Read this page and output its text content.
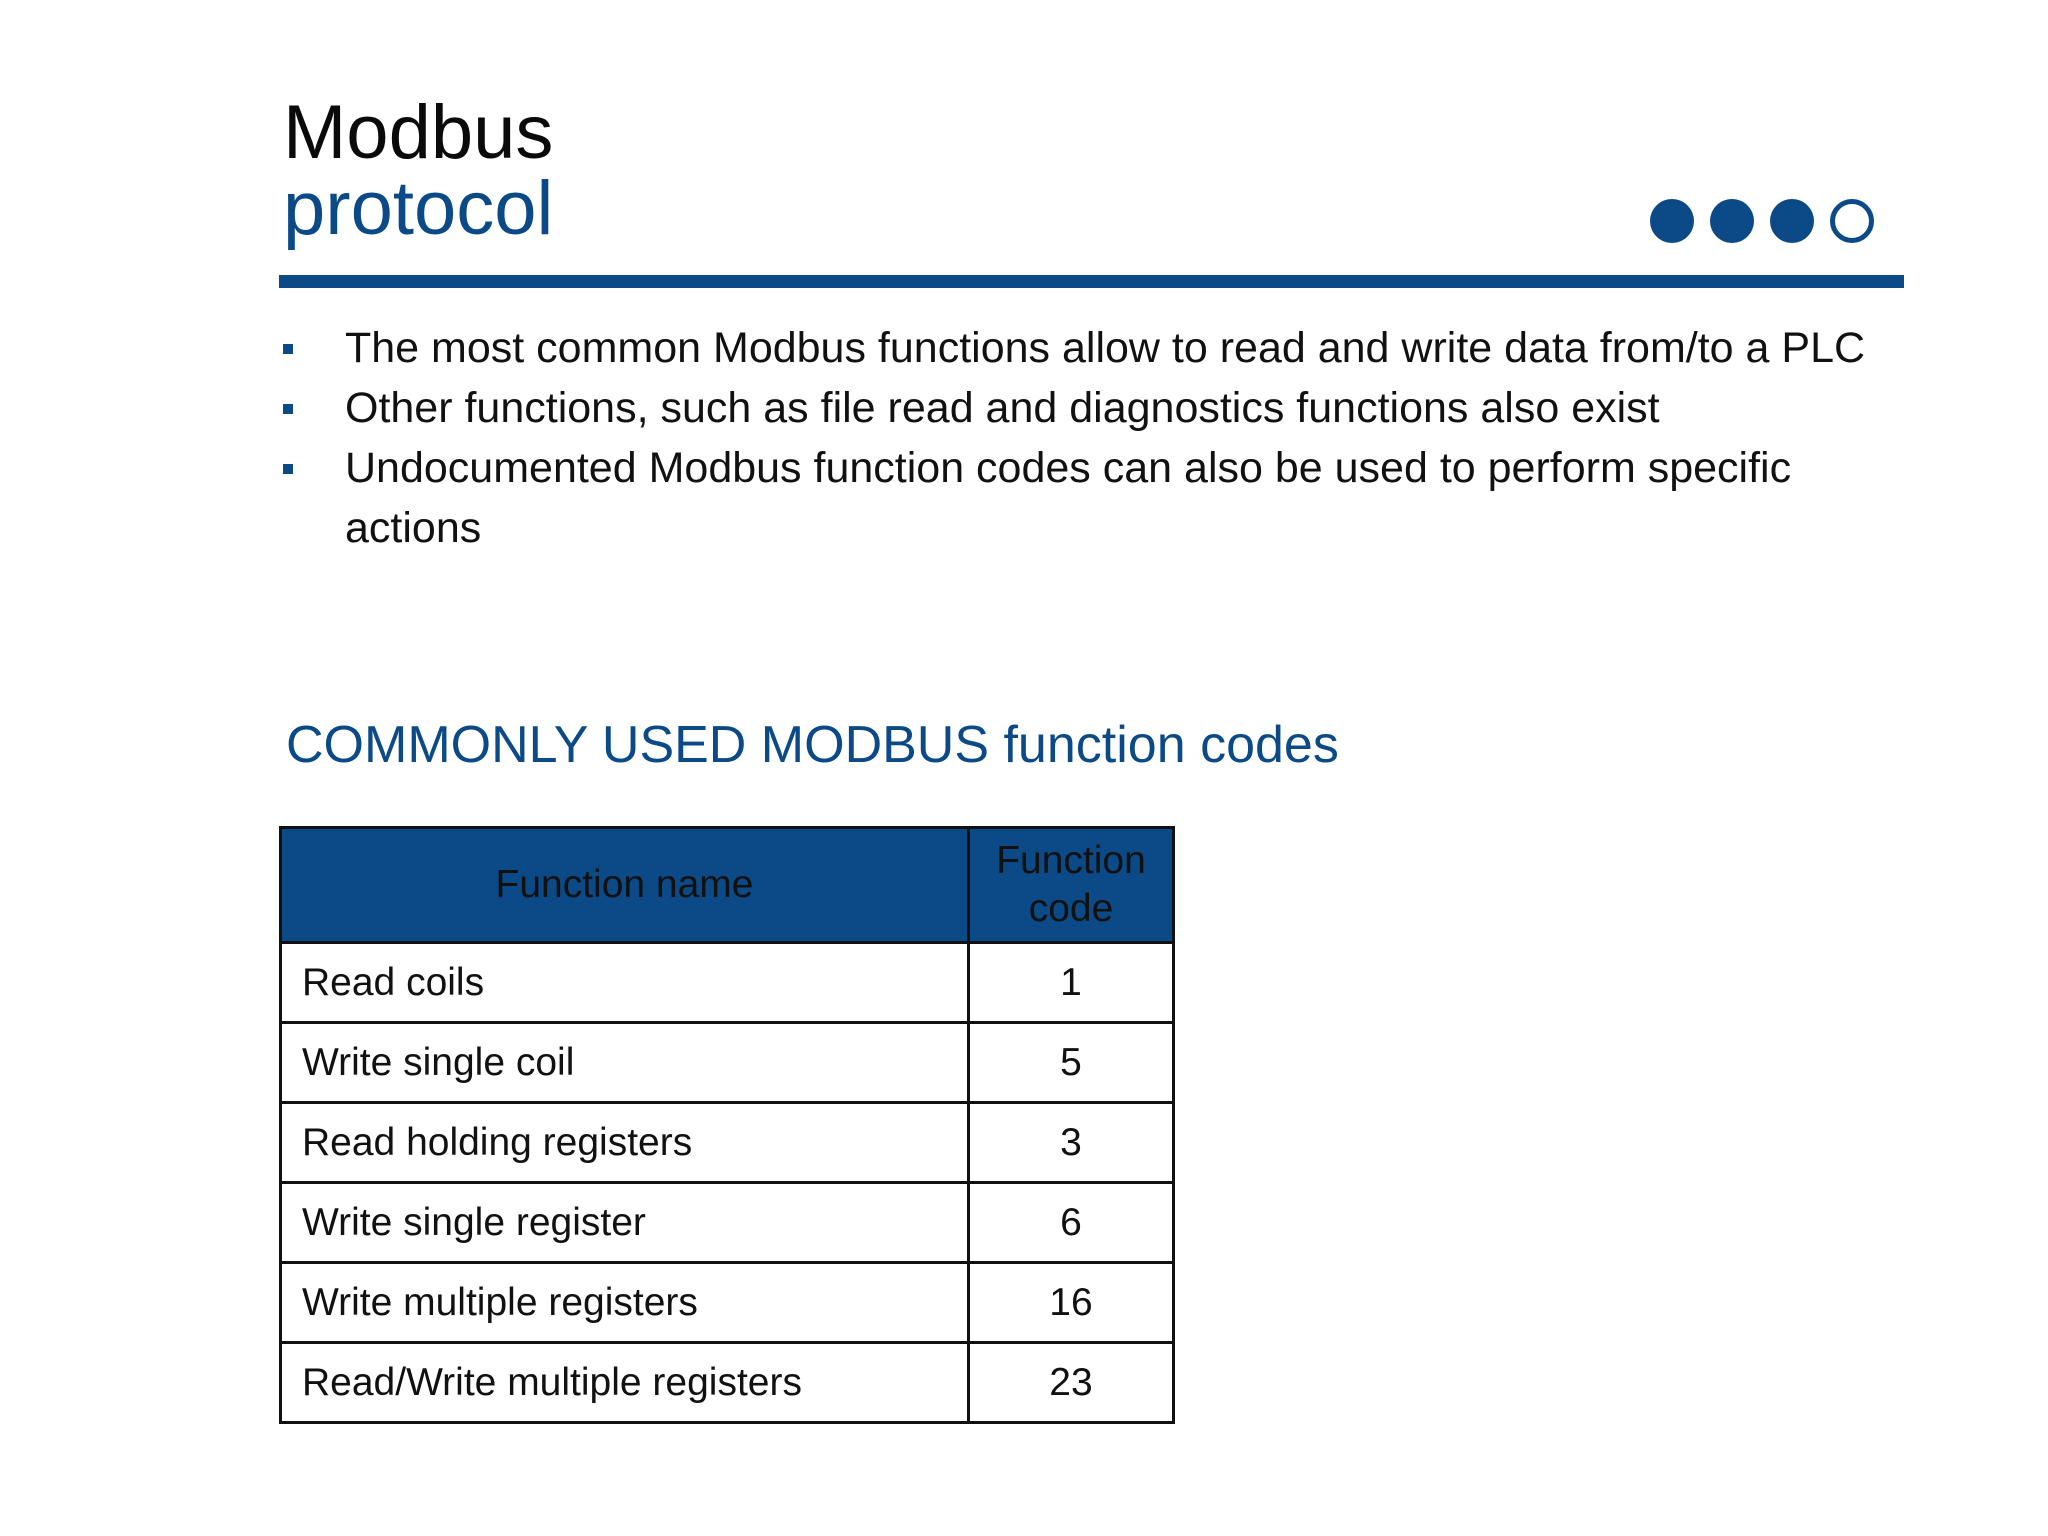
Modbus
protocol
The most common Modbus functions allow to read and write data from/to a PLC
Other functions, such as file read and diagnostics functions also exist
Undocumented Modbus function codes can also be used to perform specific actions
COMMONLY USED MODBUS function codes
Function name	Function code
Read coils	1
Write single coil	5
Read holding registers	3
Write single register	6
Write multiple registers	16
Read/Write multiple registers	23
